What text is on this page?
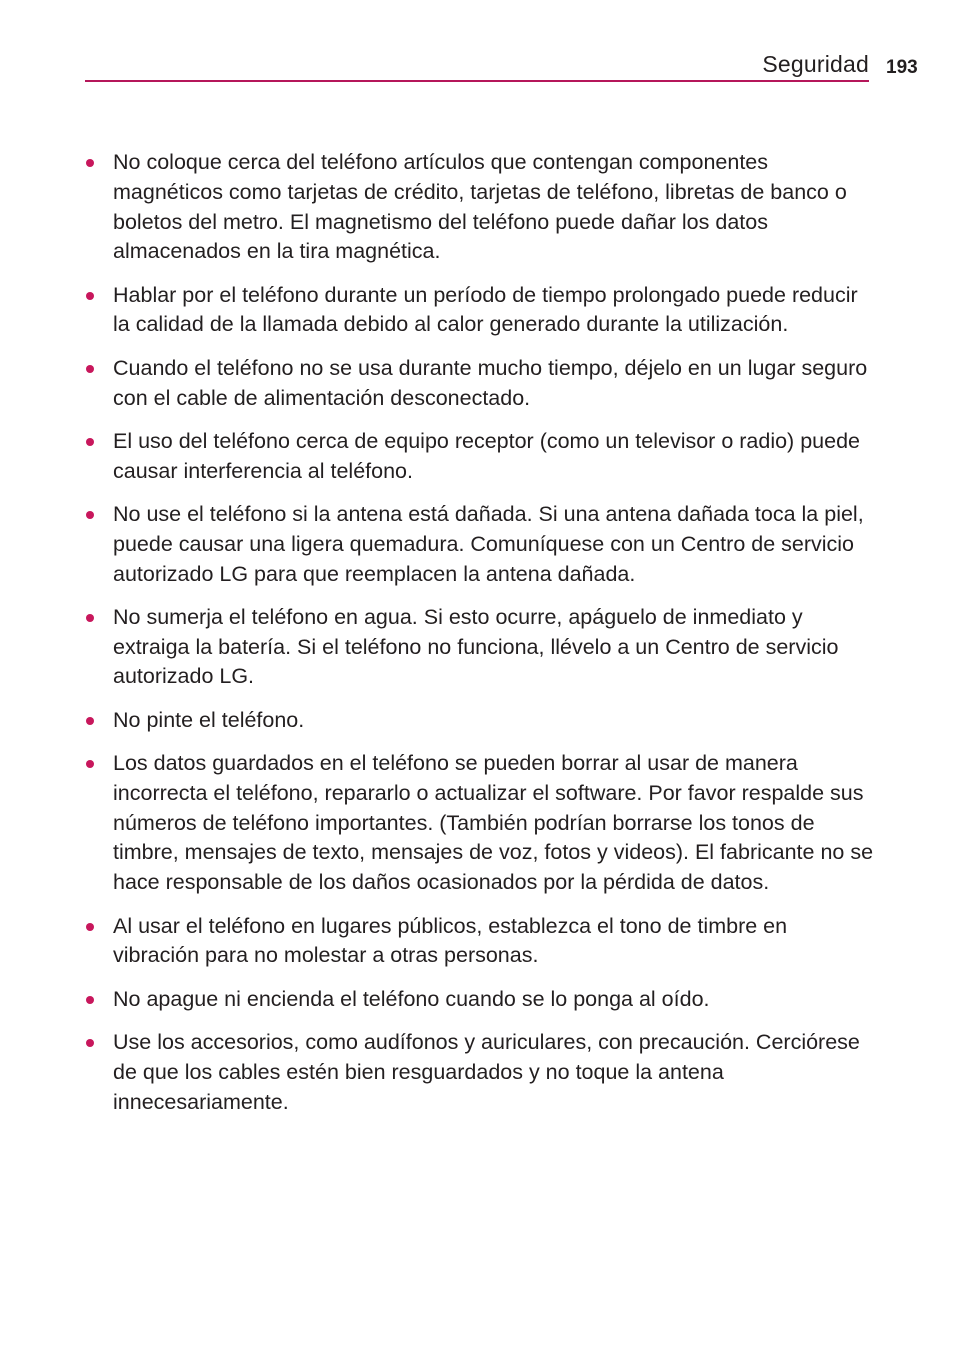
Seguridad 193
No coloque cerca del teléfono artículos que contengan componentes magnéticos como tarjetas de crédito, tarjetas de teléfono, libretas de banco o boletos del metro. El magnetismo del teléfono puede dañar los datos almacenados en la tira magnética.
Hablar por el teléfono durante un período de tiempo prolongado puede reducir la calidad de la llamada debido al calor generado durante la utilización.
Cuando el teléfono no se usa durante mucho tiempo, déjelo en un lugar seguro con el cable de alimentación desconectado.
El uso del teléfono cerca de equipo receptor (como un televisor o radio) puede causar interferencia al teléfono.
No use el teléfono si la antena está dañada. Si una antena dañada toca la piel, puede causar una ligera quemadura. Comuníquese con un Centro de servicio autorizado LG para que reemplacen la antena dañada.
No sumerja el teléfono en agua. Si esto ocurre, apáguelo de inmediato y extraiga la batería. Si el teléfono no funciona, llévelo a un Centro de servicio autorizado LG.
No pinte el teléfono.
Los datos guardados en el teléfono se pueden borrar al usar de manera incorrecta el teléfono, repararlo o actualizar el software. Por favor respalde sus números de teléfono importantes. (También podrían borrarse los tonos de timbre, mensajes de texto, mensajes de voz, fotos y videos). El fabricante no se hace responsable de los daños ocasionados por la pérdida de datos.
Al usar el teléfono en lugares públicos, establezca el tono de timbre en vibración para no molestar a otras personas.
No apague ni encienda el teléfono cuando se lo ponga al oído.
Use los accesorios, como audífonos y auriculares, con precaución. Cerciórese de que los cables estén bien resguardados y no toque la antena innecesariamente.
